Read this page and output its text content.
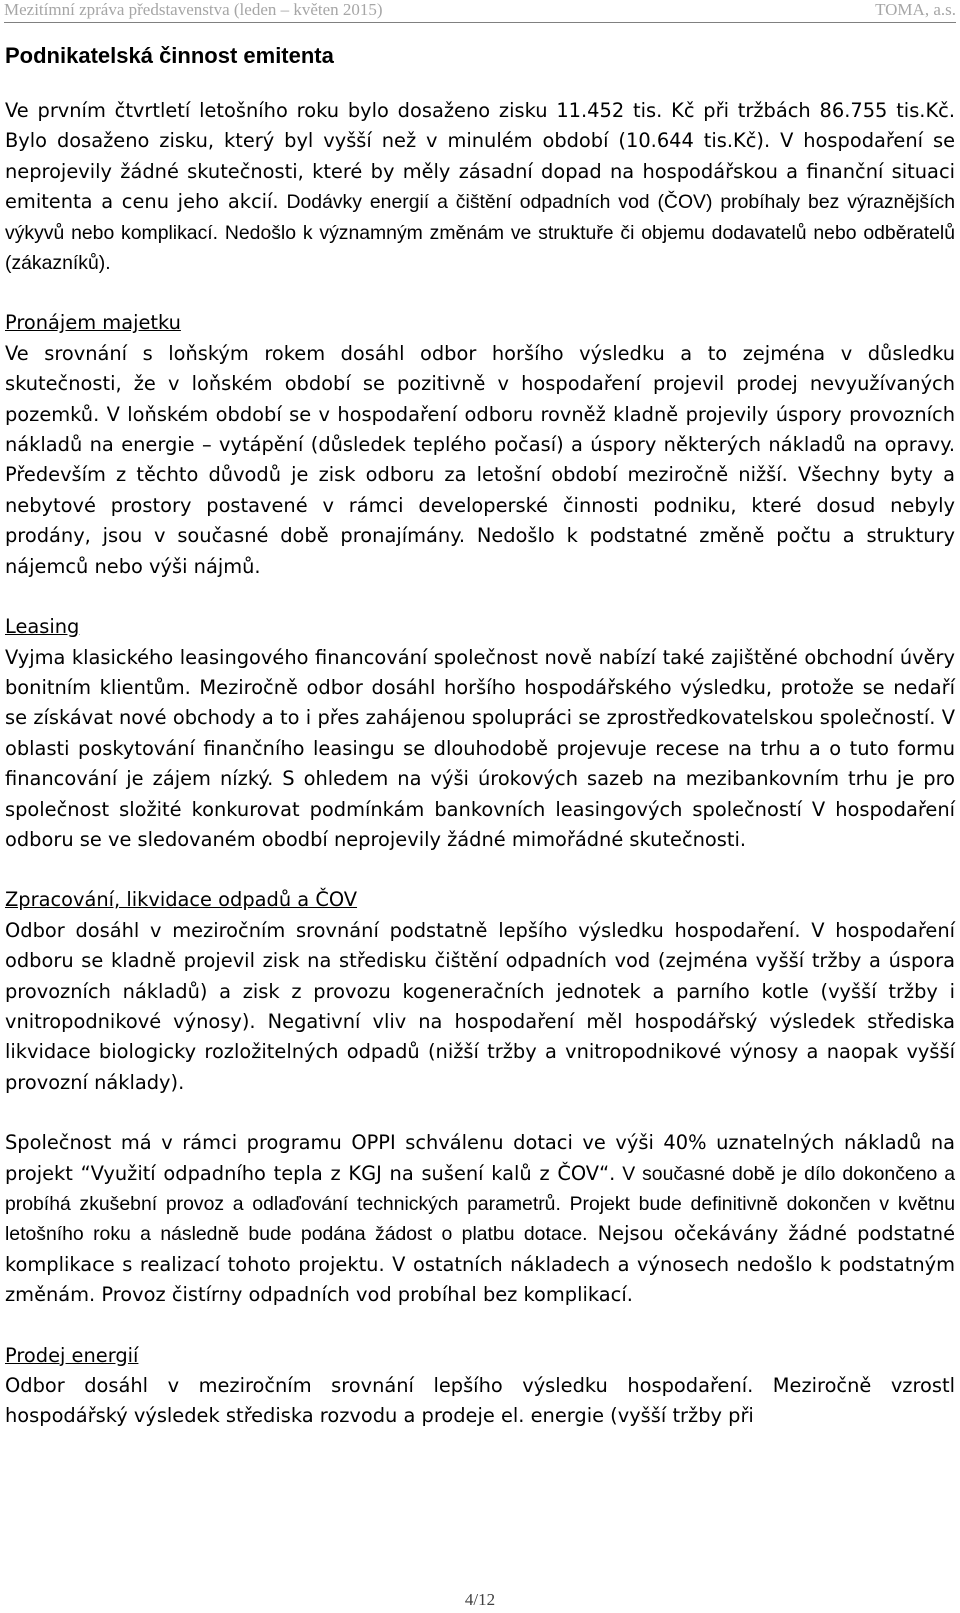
Mezitímní zpráva představenstva (leden – květen 2015)	TOMA, a.s.
Podnikatelská činnost emitenta

Ve prvním čtvrtletí letošního roku bylo dosaženo zisku 11.452 tis. Kč při tržbách 86.755 tis.Kč. Bylo dosaženo zisku, který byl vyšší než v minulém období (10.644 tis.Kč). V hospodaření se neprojevily žádné skutečnosti, které by měly zásadní dopad na hospodářskou a finanční situaci emitenta a cenu jeho akcií. Dodávky energií a čištění odpadních vod (ČOV) probíhaly bez výraznějších výkyvů nebo komplikací. Nedošlo k významným změnám ve struktuře či objemu dodavatelů nebo odběratelů (zákazníků).

Pronájem majetku
Ve srovnání s loňským rokem dosáhl odbor horšího výsledku a to zejména v důsledku skutečnosti, že v loňském období se pozitivně v hospodaření projevil prodej nevyužívaných pozemků. V loňském období se v hospodaření odboru rovněž kladně projevily úspory provozních nákladů na energie – vytápění (důsledek teplého počasí) a úspory některých nákladů na opravy. Především z těchto důvodů je zisk odboru za letošní období meziročně nižší. Všechny byty a nebytové prostory postavené v rámci developerské činnosti podniku, které dosud nebyly prodány, jsou v současné době pronajímány. Nedošlo k podstatné změně počtu a struktury nájemců nebo výši nájmů.

Leasing
Vyjma klasického leasingového financování společnost nově nabízí také zajištěné obchodní úvěry bonitním klientům. Meziročně odbor dosáhl horšího hospodářského výsledku, protože se nedaří se získávat nové obchody a to i přes zahájenou spolupráci se zprostředkovatelskou společností. V oblasti poskytování finančního leasingu se dlouhodobě projevuje recese na trhu a o tuto formu financování je zájem nízký. S ohledem na výši úrokových sazeb na mezibankovním trhu je pro společnost složité konkurovat podmínkám bankovních leasingových společností V hospodaření odboru se ve sledovaném obodbí neprojevily žádné mimořádné skutečnosti.

Zpracování, likvidace odpadů a ČOV
Odbor dosáhl v meziročním srovnání podstatně lepšího výsledku hospodaření. V hospodaření odboru se kladně projevil zisk na středisku čištění odpadních vod (zejména vyšší tržby a úspora provozních nákladů) a zisk z provozu kogeneračních jednotek a parního kotle (vyšší tržby i vnitropodnikové výnosy). Negativní vliv na hospodaření měl hospodářský výsledek střediska likvidace biologicky rozložitelných odpadů (nižší tržby a vnitropodnikové výnosy a naopak vyšší provozní náklady).

Společnost má v rámci programu OPPI schválenu dotaci ve výši 40% uznatelných nákladů na projekt “Využití odpadního tepla z KGJ na sušení kalů z ČOV“. V současné době je dílo dokončeno a probíhá zkušební provoz a odlaďování technických parametrů. Projekt bude definitivně dokončen v květnu letošního roku a následně bude podána žádost o platbu dotace. Nejsou očekávány žádné podstatné komplikace s realizací tohoto projektu. V ostatních nákladech a výnosech nedošlo k podstatným změnám. Provoz čistírny odpadních vod probíhal bez komplikací.

Prodej energií
Odbor dosáhl v meziročním srovnání lepšího výsledku hospodaření. Meziročně vzrostl hospodářský výsledek střediska rozvodu a prodeje el. energie (vyšší tržby při

4/12
